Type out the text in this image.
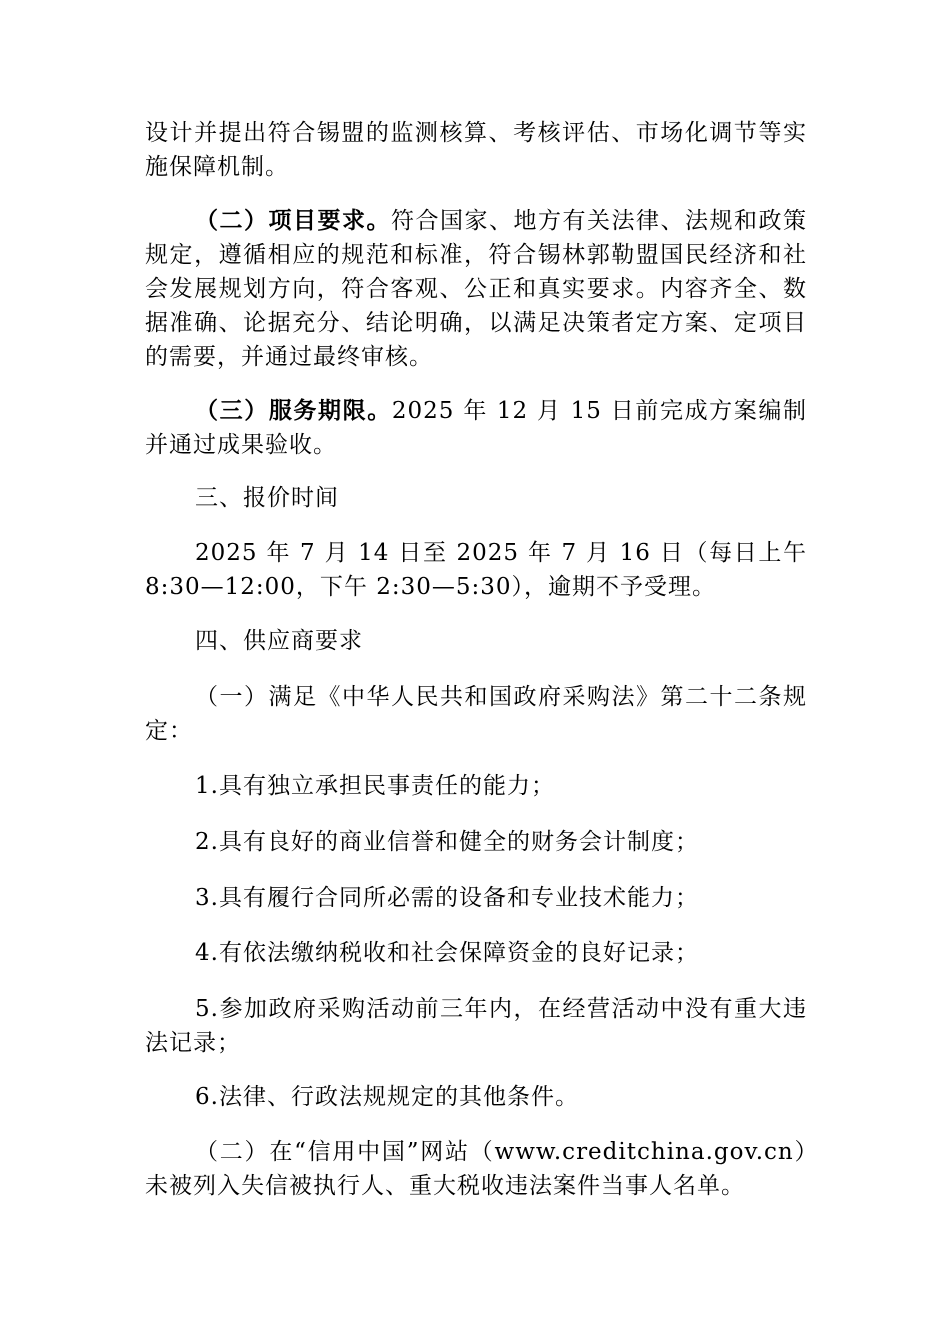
设计并提出符合锡盟的监测核算、考核评估、市场化调节等实施保障机制。

（二）项目要求。符合国家、地方有关法律、法规和政策规定，遵循相应的规范和标准，符合锡林郭勒盟国民经济和社会发展规划方向，符合客观、公正和真实要求。内容齐全、数据准确、论据充分、结论明确，以满足决策者定方案、定项目的需要，并通过最终审核。

（三）服务期限。2025 年 12 月 15 日前完成方案编制并通过成果验收。

三、报价时间

2025 年 7 月 14 日至 2025 年 7 月 16 日（每日上午 8:30—12:00，下午 2:30—5:30），逾期不予受理。

四、供应商要求

（一）满足《中华人民共和国政府采购法》第二十二条规定：

1.具有独立承担民事责任的能力；

2.具有良好的商业信誉和健全的财务会计制度；

3.具有履行合同所必需的设备和专业技术能力；

4.有依法缴纳税收和社会保障资金的良好记录；

5.参加政府采购活动前三年内，在经营活动中没有重大违法记录；

6.法律、行政法规规定的其他条件。

（二）在“信用中国”网站（www.creditchina.gov.cn）未被列入失信被执行人、重大税收违法案件当事人名单。
